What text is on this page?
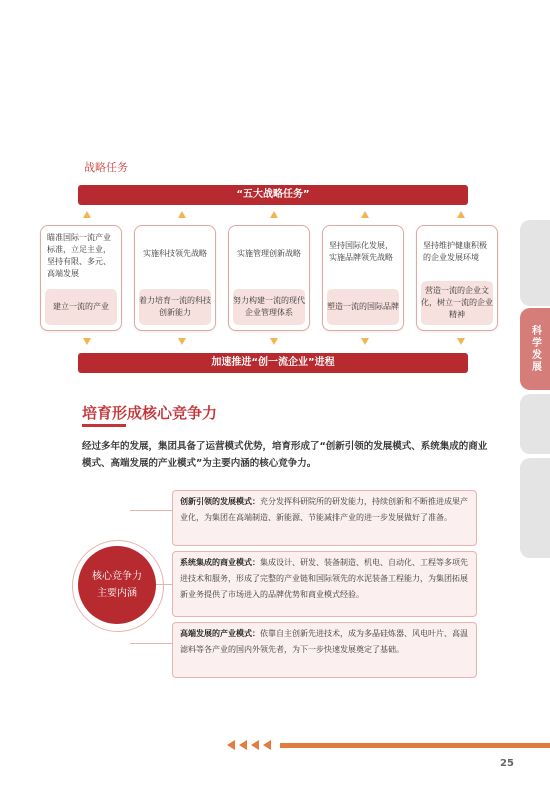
战略任务
“五大战略任务”
瞄准国际一流产业标准，立足主业，坚持有限、多元、高端发展
建立一流的产业
实施科技领先战略
着力培育一流的科技创新能力
实施管理创新战略
努力构建一流的现代企业管理体系
坚持国际化发展，实施品牌领先战略
塑造一流的国际品牌
坚持维护健康积极的企业发展环境
营造一流的企业文化，树立一流的企业精神
加速推进“创一流企业”进程	科学发展
培育形成核心竞争力
经过多年的发展，集团具备了运营模式优势，培育形成了“创新引领的发展模式、系统集成的商业模式、高端发展的产业模式”为主要内涵的核心竞争力。
核心竞争力
主要内涵
创新引领的发展模式：充分发挥科研院所的研发能力，持续创新和不断推进成果产业化，为集团在高端制造、新能源、节能减排产业的进一步发展做好了准备。
系统集成的商业模式：集成设计、研发、装备制造、机电、自动化、工程等多项先进技术和服务，形成了完整的产业链和国际领先的水泥装备工程能力，为集团拓展新业务提供了市场进入的品牌优势和商业模式经验。
高端发展的产业模式：依靠自主创新先进技术，成为多晶硅炼器、风电叶片、高温滤料等各产业的国内外领先者，为下一步快速发展奠定了基础。
25
